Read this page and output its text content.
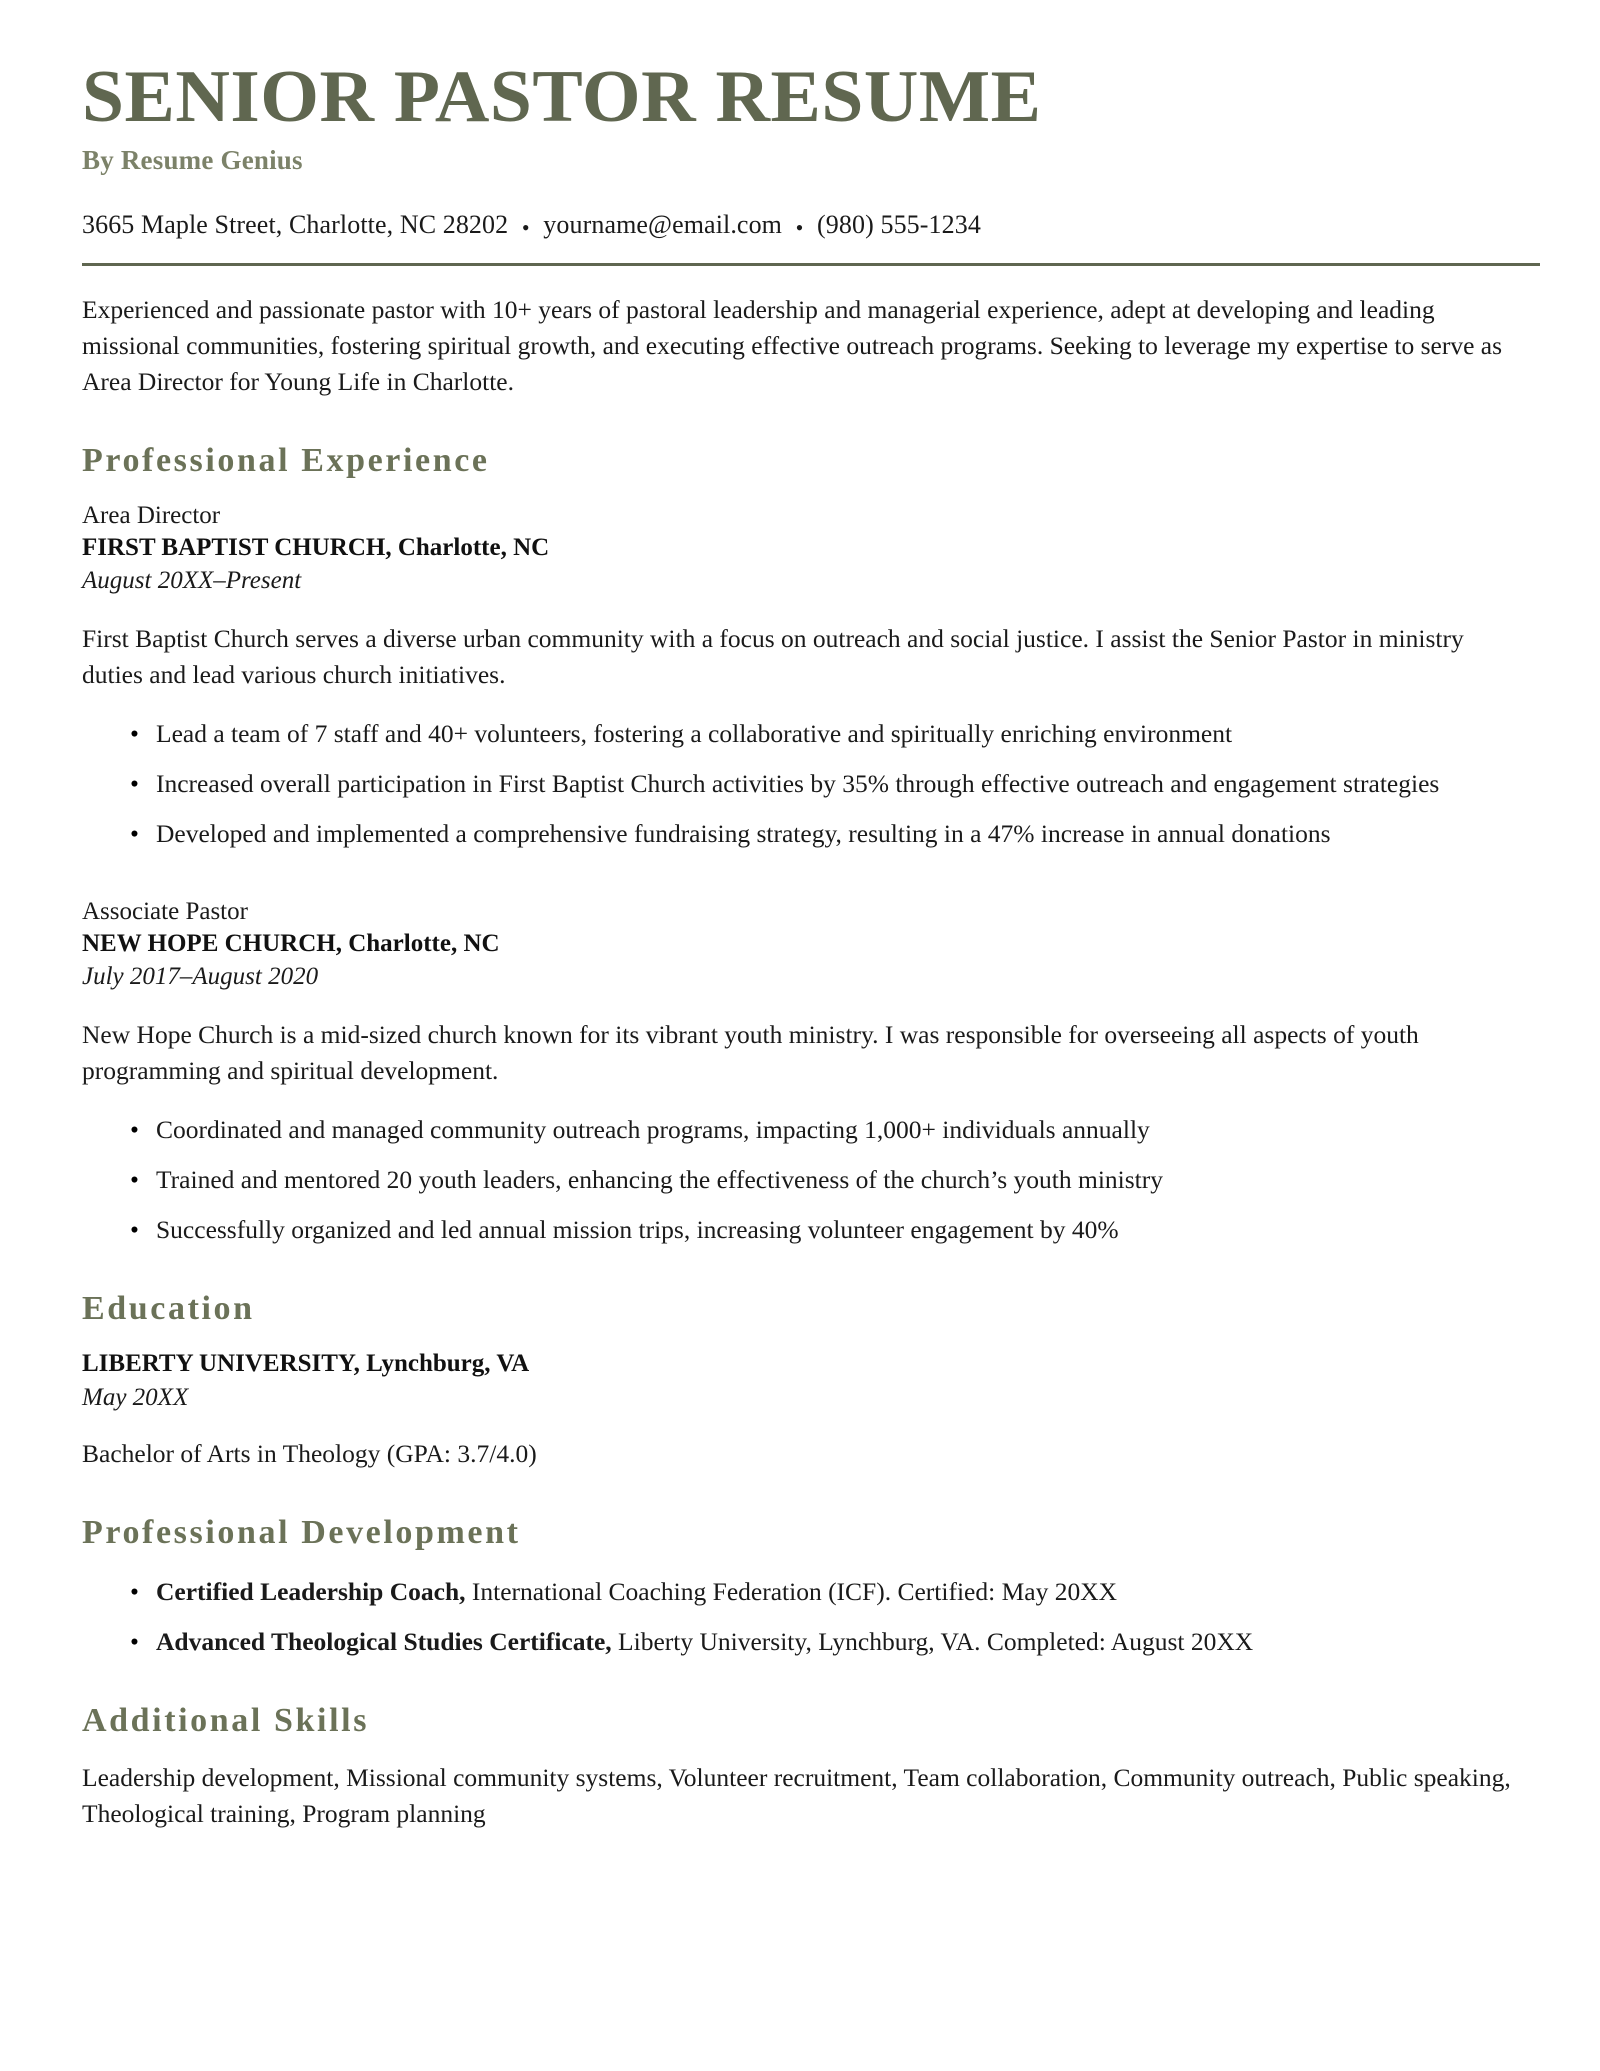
SENIOR PASTOR RESUME
By Resume Genius
3665 Maple Street, Charlotte, NC 28202 • yourname@email.com • (980) 555-1234

Experienced and passionate pastor with 10+ years of pastoral leadership and managerial experience, adept at developing and leading missional communities, fostering spiritual growth, and executing effective outreach programs. Seeking to leverage my expertise to serve as Area Director for Young Life in Charlotte.

Professional Experience
Area Director
FIRST BAPTIST CHURCH, Charlotte, NC
August 20XX–Present

First Baptist Church serves a diverse urban community with a focus on outreach and social justice. I assist the Senior Pastor in ministry duties and lead various church initiatives.

• Lead a team of 7 staff and 40+ volunteers, fostering a collaborative and spiritually enriching environment
• Increased overall participation in First Baptist Church activities by 35% through effective outreach and engagement strategies
• Developed and implemented a comprehensive fundraising strategy, resulting in a 47% increase in annual donations
Associate Pastor
NEW HOPE CHURCH, Charlotte, NC
July 2017–August 2020

New Hope Church is a mid-sized church known for its vibrant youth ministry. I was responsible for overseeing all aspects of youth programming and spiritual development.

• Coordinated and managed community outreach programs, impacting 1,000+ individuals annually
• Trained and mentored 20 youth leaders, enhancing the effectiveness of the church’s youth ministry
• Successfully organized and led annual mission trips, increasing volunteer engagement by 40%
Education
LIBERTY UNIVERSITY, Lynchburg, VA
May 20XX
Bachelor of Arts in Theology (GPA: 3.7/4.0)
Professional Development
• Certified Leadership Coach, International Coaching Federation (ICF). Certified: May 20XX
• Advanced Theological Studies Certificate, Liberty University, Lynchburg, VA. Completed: August 20XX
Additional Skills

Leadership development, Missional community systems, Volunteer recruitment, Team collaboration, Community outreach, Public speaking, Theological training, Program planning
